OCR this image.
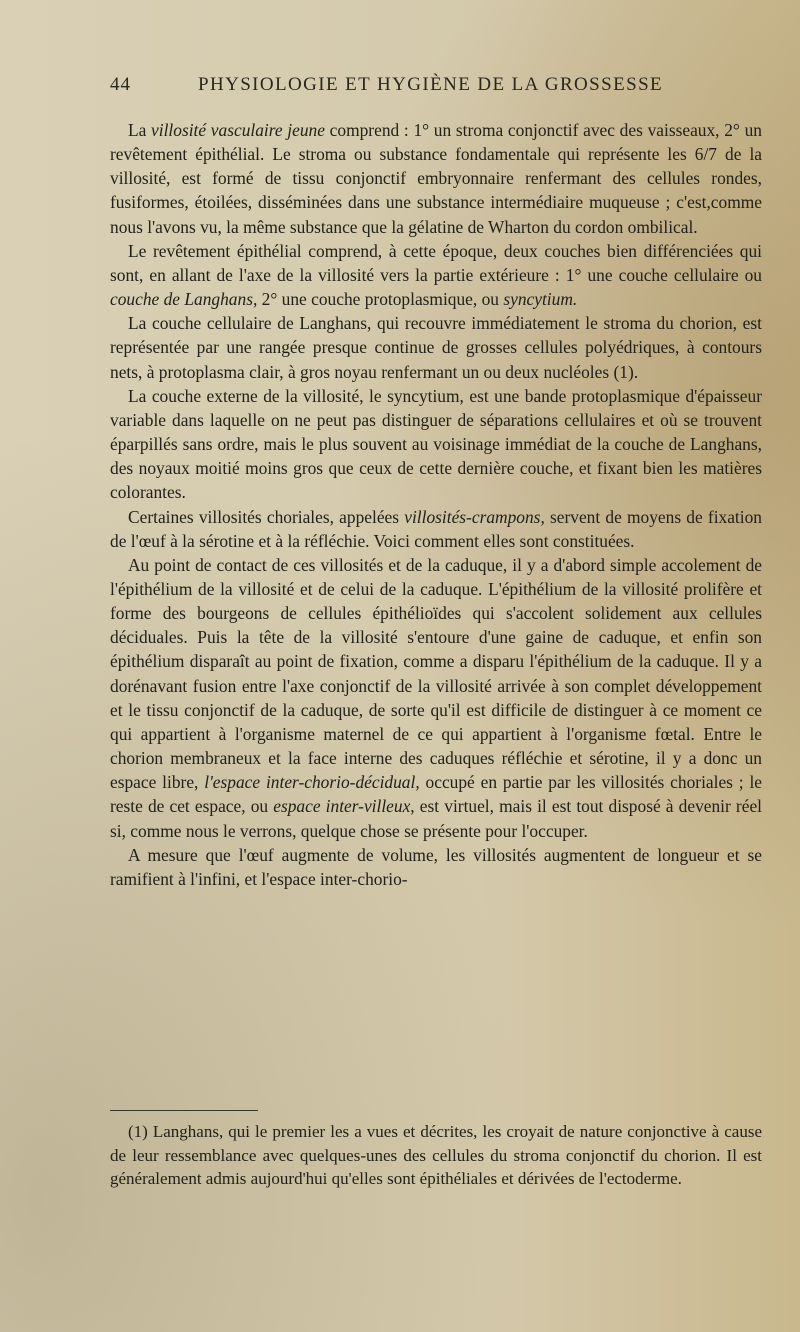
44	PHYSIOLOGIE ET HYGIÈNE DE LA GROSSESSE

La villosité vasculaire jeune comprend : 1° un stroma conjonctif avec des vaisseaux, 2° un revêtement épithélial. Le stroma ou substance fondamentale qui représente les 6/7 de la villosité, est formé de tissu conjonctif embryonnaire renfermant des cellules rondes, fusiformes, étoilées, disséminées dans une substance intermédiaire muqueuse ; c'est,comme nous l'avons vu, la même substance que la gélatine de Wharton du cordon ombilical.

Le revêtement épithélial comprend, à cette époque, deux couches bien différenciées qui sont, en allant de l'axe de la villosité vers la partie extérieure : 1° une couche cellulaire ou couche de Langhans, 2° une couche protoplasmique, ou syncytium.

La couche cellulaire de Langhans, qui recouvre immédiatement le stroma du chorion, est représentée par une rangée presque continue de grosses cellules polyédriques, à contours nets, à protoplasma clair, à gros noyau renfermant un ou deux nucléoles (1).

La couche externe de la villosité, le syncytium, est une bande protoplasmique d'épaisseur variable dans laquelle on ne peut pas distinguer de séparations cellulaires et où se trouvent éparpillés sans ordre, mais le plus souvent au voisinage immédiat de la couche de Langhans, des noyaux moitié moins gros que ceux de cette dernière couche, et fixant bien les matières colorantes.

Certaines villosités choriales, appelées villosités-crampons, servent de moyens de fixation de l'œuf à la sérotine et à la réfléchie. Voici comment elles sont constituées.

Au point de contact de ces villosités et de la caduque, il y a d'abord simple accolement de l'épithélium de la villosité et de celui de la caduque. L'épithélium de la villosité prolifère et forme des bourgeons de cellules épithélioïdes qui s'accolent solidement aux cellules déciduales. Puis la tête de la villosité s'entoure d'une gaine de caduque, et enfin son épithélium disparaît au point de fixation, comme a disparu l'épithélium de la caduque. Il y a dorénavant fusion entre l'axe conjonctif de la villosité arrivée à son complet développement et le tissu conjonctif de la caduque, de sorte qu'il est difficile de distinguer à ce moment ce qui appartient à l'organisme maternel de ce qui appartient à l'organisme fœtal. Entre le chorion membraneux et la face interne des caduques réfléchie et sérotine, il y a donc un espace libre, l'espace inter-chorio-décidual, occupé en partie par les villosités choriales ; le reste de cet espace, ou espace inter-villeux, est virtuel, mais il est tout disposé à devenir réel si, comme nous le verrons, quelque chose se présente pour l'occuper.

A mesure que l'œuf augmente de volume, les villosités augmentent de longueur et se ramifient à l'infini, et l'espace inter-chorio-

(1) Langhans, qui le premier les a vues et décrites, les croyait de nature conjonctive à cause de leur ressemblance avec quelques-unes des cellules du stroma conjonctif du chorion. Il est généralement admis aujourd'hui qu'elles sont épithéliales et dérivées de l'ectoderme.
